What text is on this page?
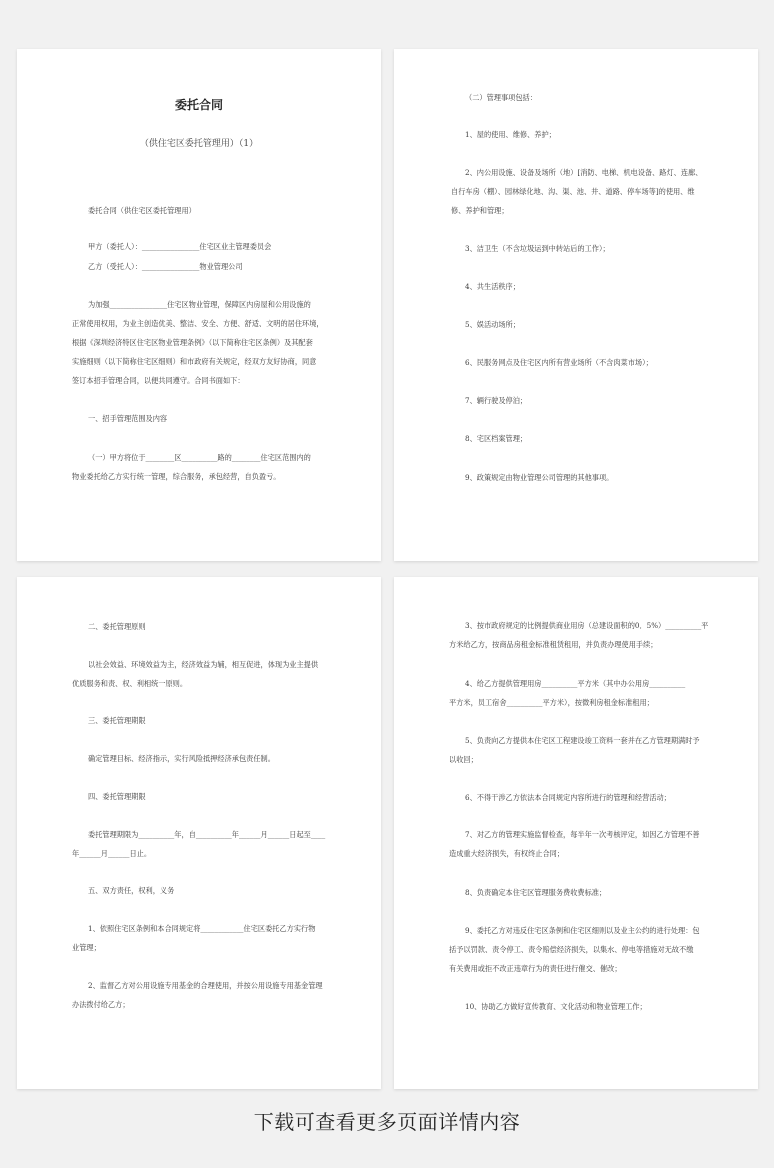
委托合同
（供住宅区委托管理用）（1）
委托合同（供住宅区委托管理用）
甲方（委托人）：________________住宅区业主管理委员会
乙方（受托人）：________________物业管理公司
为加强________________住宅区物业管理，保障区内房屋和公用设施的
正常使用权用，为业主创造优美、整洁、安全、方便、舒适、文明的居住环境，
根据《深圳经济特区住宅区物业管理条例》（以下简称住宅区条例）及其配套
实施细则（以下简称住宅区细则）和市政府有关规定，经双方友好协商，同意
签订本招手管理合同，以便共同遵守。合同书面如下：
一、招手管理范围及内容
（一）甲方将位于________区__________路的________住宅区范围内的
物业委托给乙方实行统一管理，综合服务，承包经营，自负盈亏。
（二）管理事项包括：
1、屋的使用、维修、养护；
2、内公用设施、设备及场所（地）[消防、电梯、机电设备、路灯、连廊、
自行车房（棚）、园林绿化地、沟、渠、池、井、道路、停车场等]的使用、维
修、养护和管理；
3、洁卫生（不含垃圾运到中转站后的工作）；
4、共生活秩序；
5、娱活动场所；
6、民服务网点及住宅区内所有营业场所（不含肉菜市场）；
7、辆行驶及停泊；
8、宅区档案管理；
9、政策规定由物业管理公司管理的其他事项。
二、委托管理原则
以社会效益、环境效益为主，经济效益为辅，相互促进，体现为业主提供
优质服务和责、权、利相统一原则。
三、委托管理期限
确定管理目标、经济指示，实行风险抵押经济承包责任制。
四、委托管理期限
委托管理期限为__________年，自__________年______月______日起至____
年______月______日止。
五、双方责任，权利，义务
1、依照住宅区条例和本合同规定将____________住宅区委托乙方实行物
业管理；
2、监督乙方对公用设施专用基金的合理使用，并按公用设施专用基金管理
办法拨付给乙方；
3、按市政府规定的比例提供商业用房（总建设面积的0．5%）__________平
方米给乙方，按商品房租金标准租赁租用，并负责办理使用手续；
4、给乙方提供管理用房__________平方米（其中办公用房__________
平方米，员工宿舍__________平方米），按微利房租金标准租用；
5、负责向乙方提供本住宅区工程建设竣工资料一套并在乙方管理期满时予
以收回；
6、不得干涉乙方依法本合同规定内容所进行的管理和经营活动；
7、对乙方的管理实施监督检查，每半年一次考核评定，如因乙方管理不善
造成重大经济损失，有权终止合同；
8、负责确定本住宅区管理服务费收费标准；
9、委托乙方对违反住宅区条例和住宅区细则以及业主公约的进行处理：包
括予以罚款、责令停工、责令赔偿经济损失，以集水、停电等措施对无故不缴
有关费用或拒不改正违章行为的责任进行催交、催改；
10、协助乙方做好宣传教育、文化活动和物业管理工作；
下载可查看更多页面详情内容
